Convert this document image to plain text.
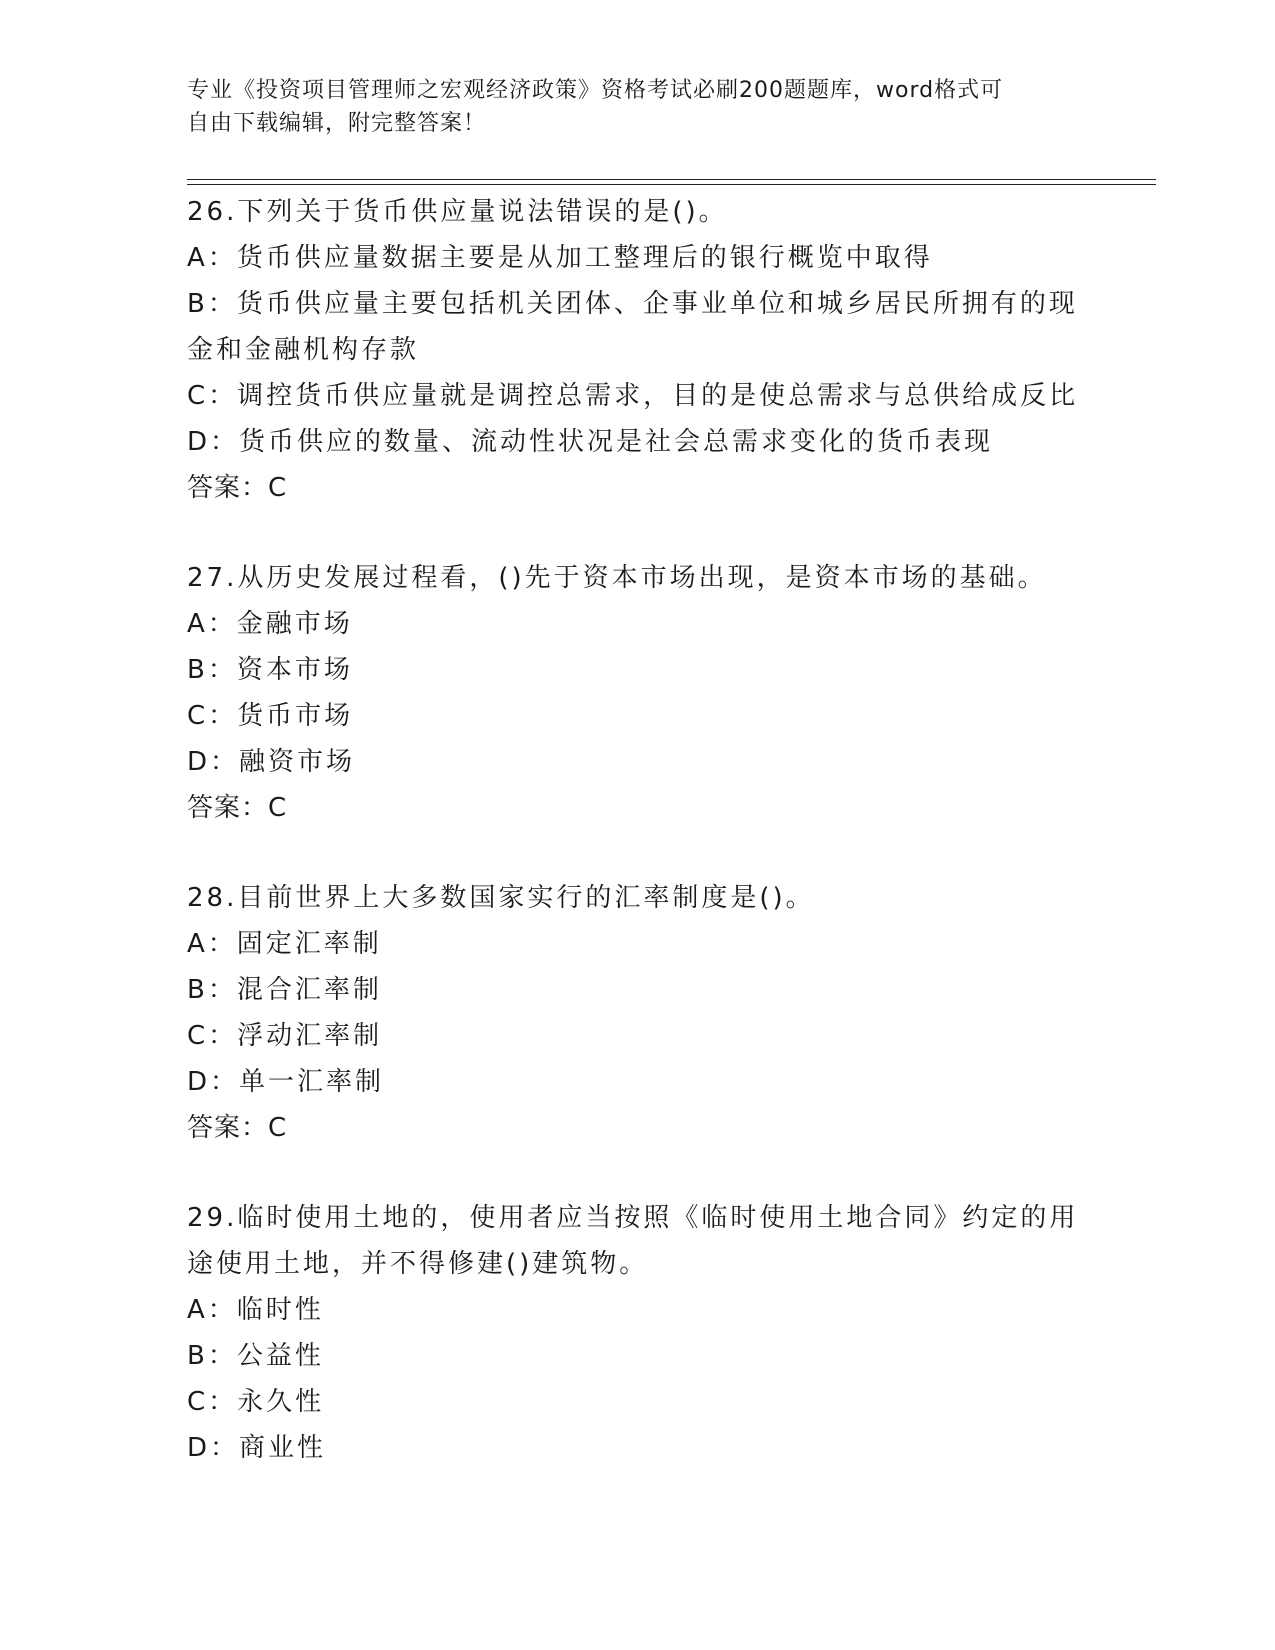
专业《投资项目管理师之宏观经济政策》资格考试必刷200题题库，word格式可
自由下载编辑，附完整答案！
26.下列关于货币供应量说法错误的是()。
A：货币供应量数据主要是从加工整理后的银行概览中取得
B：货币供应量主要包括机关团体、企事业单位和城乡居民所拥有的现
金和金融机构存款
C：调控货币供应量就是调控总需求，目的是使总需求与总供给成反比
D：货币供应的数量、流动性状况是社会总需求变化的货币表现
答案：C
27.从历史发展过程看，()先于资本市场出现，是资本市场的基础。
A：金融市场
B：资本市场
C：货币市场
D：融资市场
答案：C
28.目前世界上大多数国家实行的汇率制度是()。
A：固定汇率制
B：混合汇率制
C：浮动汇率制
D：单一汇率制
答案：C
29.临时使用土地的，使用者应当按照《临时使用土地合同》约定的用
途使用土地，并不得修建()建筑物。
A：临时性
B：公益性
C：永久性
D：商业性
